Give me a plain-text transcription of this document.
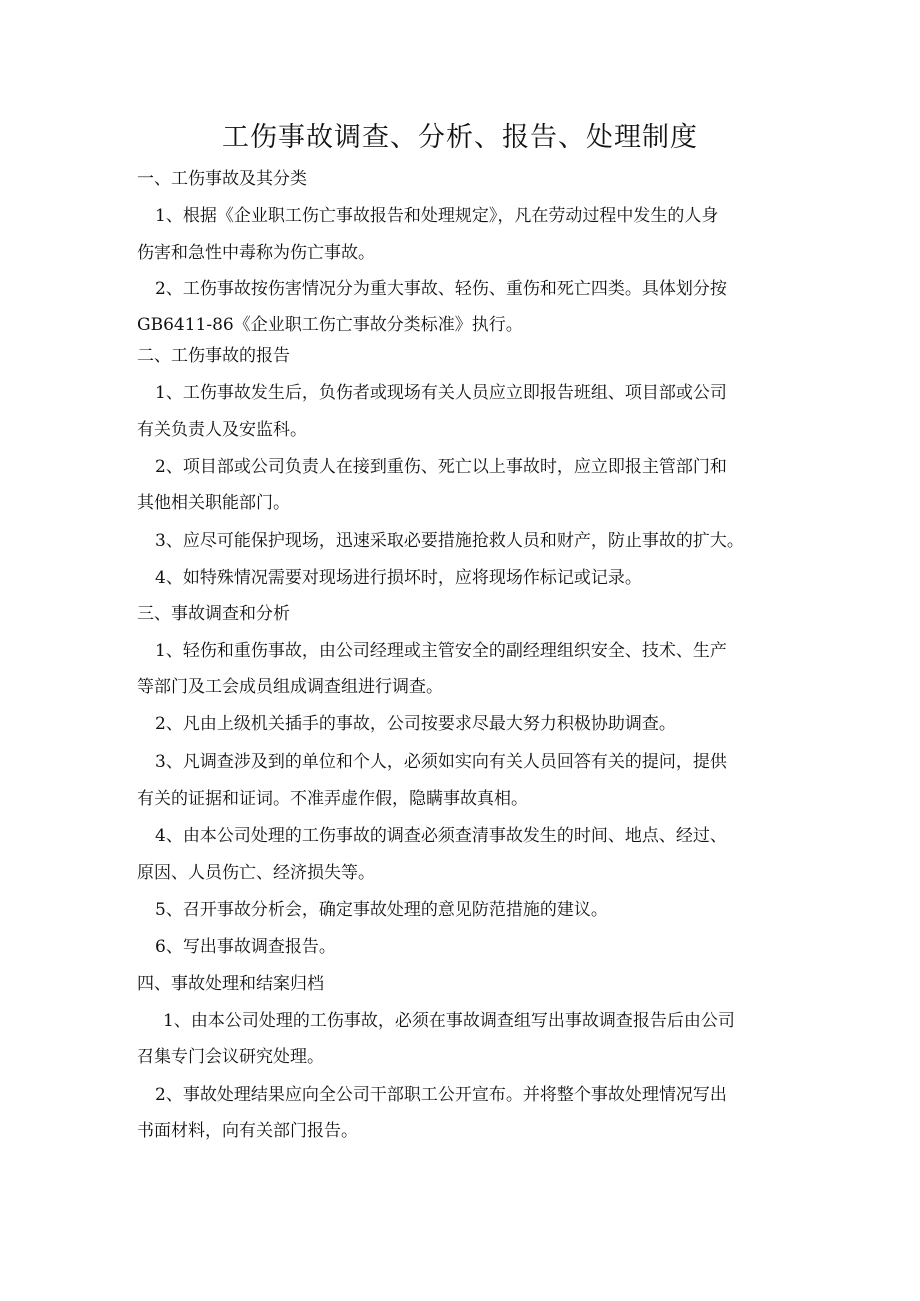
工伤事故调查、分析、报告、处理制度
一、工伤事故及其分类
1、根据《企业职工伤亡事故报告和处理规定》，凡在劳动过程中发生的人身
伤害和急性中毒称为伤亡事故。
2、工伤事故按伤害情况分为重大事故、轻伤、重伤和死亡四类。具体划分按
GB6411-86《企业职工伤亡事故分类标准》执行。
二、工伤事故的报告
1、工伤事故发生后，负伤者或现场有关人员应立即报告班组、项目部或公司
有关负责人及安监科。
2、项目部或公司负责人在接到重伤、死亡以上事故时，应立即报主管部门和
其他相关职能部门。
3、应尽可能保护现场，迅速采取必要措施抢救人员和财产，防止事故的扩大。
4、如特殊情况需要对现场进行损坏时，应将现场作标记或记录。
三、事故调查和分析
1、轻伤和重伤事故，由公司经理或主管安全的副经理组织安全、技术、生产
等部门及工会成员组成调查组进行调查。
2、凡由上级机关插手的事故，公司按要求尽最大努力积极协助调查。
3、凡调查涉及到的单位和个人，必须如实向有关人员回答有关的提问，提供
有关的证据和证词。不准弄虚作假，隐瞒事故真相。
4、由本公司处理的工伤事故的调查必须查清事故发生的时间、地点、经过、
原因、人员伤亡、经济损失等。
5、召开事故分析会，确定事故处理的意见防范措施的建议。
6、写出事故调查报告。
四、事故处理和结案归档
1、由本公司处理的工伤事故，必须在事故调查组写出事故调查报告后由公司
召集专门会议研究处理。
2、事故处理结果应向全公司干部职工公开宣布。并将整个事故处理情况写出
书面材料，向有关部门报告。
